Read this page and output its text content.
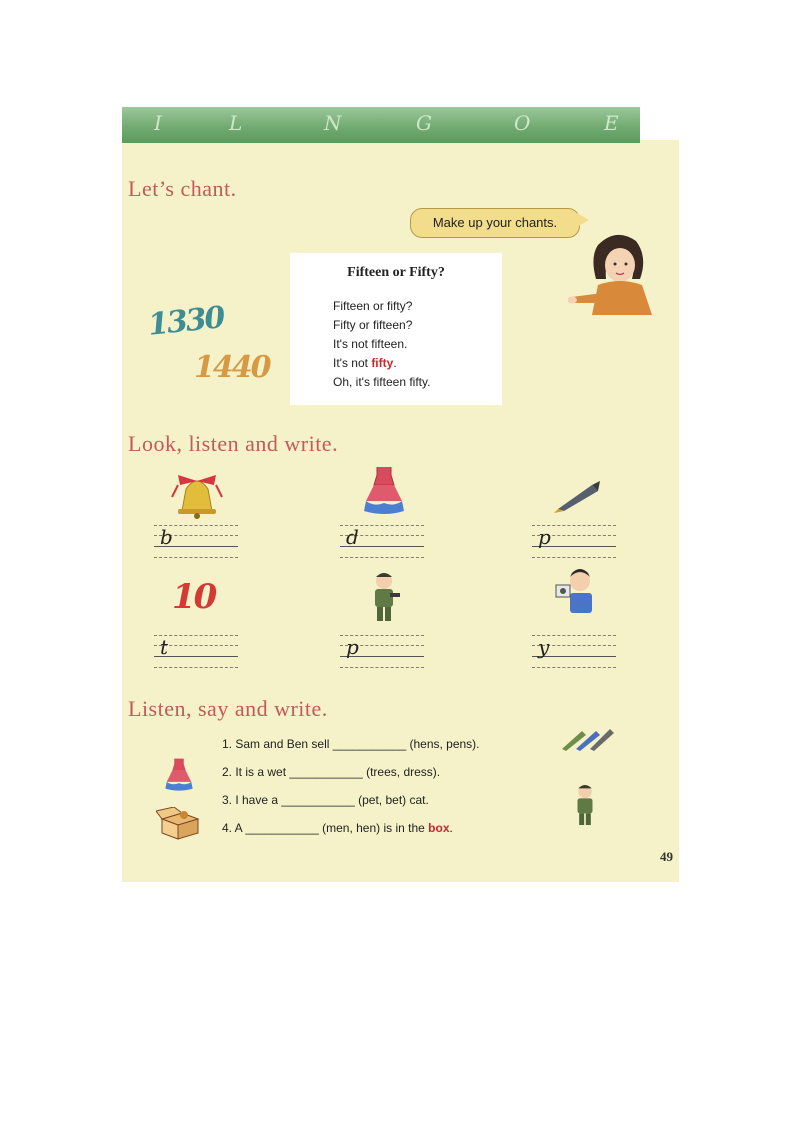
I	L	N	G	O	E
Let’s chant.
Make up your chants.
1330
1440
Fifteen or Fifty?
Fifteen or fifty?
Fifty or fifteen?
It's not fifteen.
It's not fifty.
Oh, it's fifteen fifty.
Look, listen and write.
b	d	p
10
t	p	y
Listen, say and write.
1. Sam and Ben sell ___________ (hens, pens).
2. It is a wet ___________ (trees, dress).
3. I have a ___________ (pet, bet) cat.
4. A ___________ (men, hen) is in the box.
49
